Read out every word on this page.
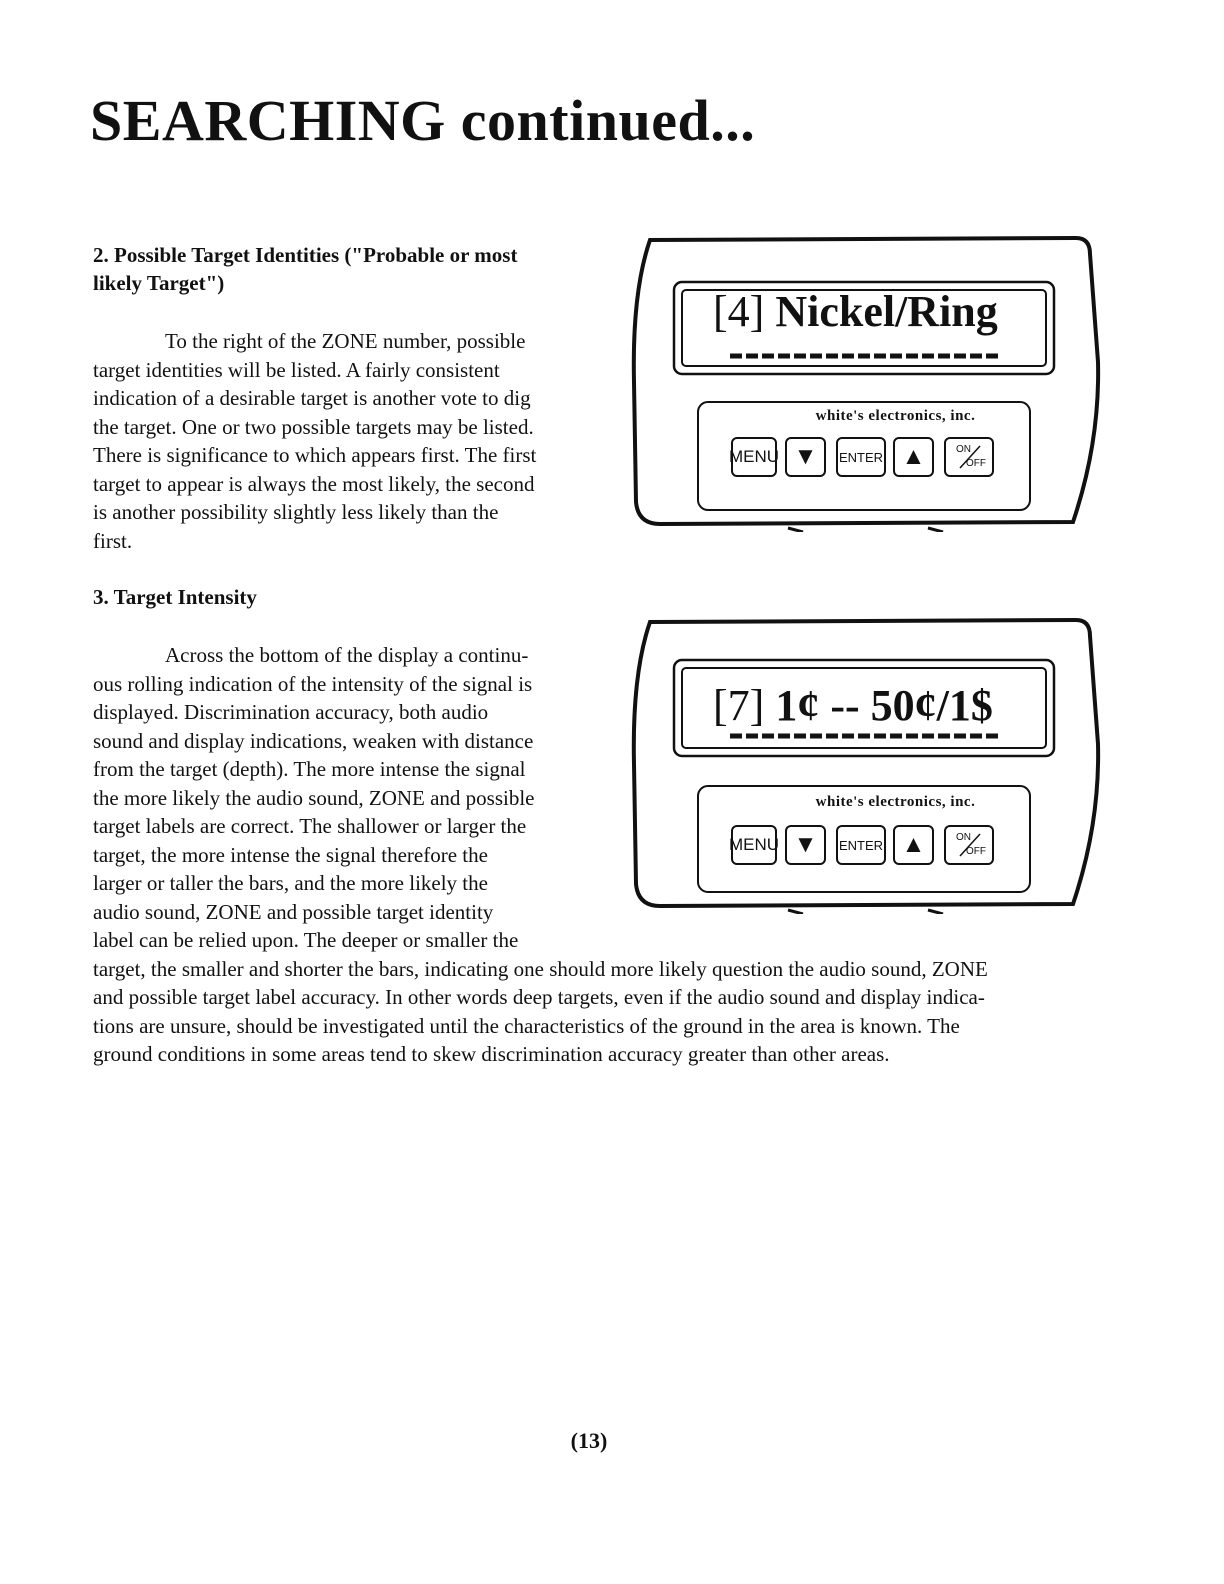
SEARCHING continued...
2. Possible Target Identities ("Probable or most
likely Target")
To the right of the ZONE number, possible
target identities will be listed. A fairly consistent
indication of a desirable target is another vote to dig
the target. One or two possible targets may be listed.
There is significance to which appears first. The first
target to appear is always the most likely, the second
is another possibility slightly less likely than the
first.
3. Target Intensity
Across the bottom of the display a continu-
ous rolling indication of the intensity of the signal is
displayed. Discrimination accuracy, both audio
sound and display indications, weaken with distance
from the target (depth). The more intense the signal
the more likely the audio sound, ZONE and possible
target labels are correct. The shallower or larger the
target, the more intense the signal therefore the
larger or taller the bars, and the more likely the
audio sound, ZONE and possible target identity
label can be relied upon. The deeper or smaller the
target, the smaller and shorter the bars, indicating one should more likely question the audio sound, ZONE
and possible target label accuracy. In other words deep targets, even if the audio sound and display indica-
tions are unsure, should be investigated until the characteristics of the ground in the area is known. The
ground conditions in some areas tend to skew discrimination accuracy greater than other areas.
[4] Nickel/Ring
white's electronics, inc.
MENU ▼	ENTER ▲	ON
OFF
[7] 1¢ -- 50¢/1$
white's electronics, inc.
MENU ▼	ENTER ▲	ON
OFF
(13)
